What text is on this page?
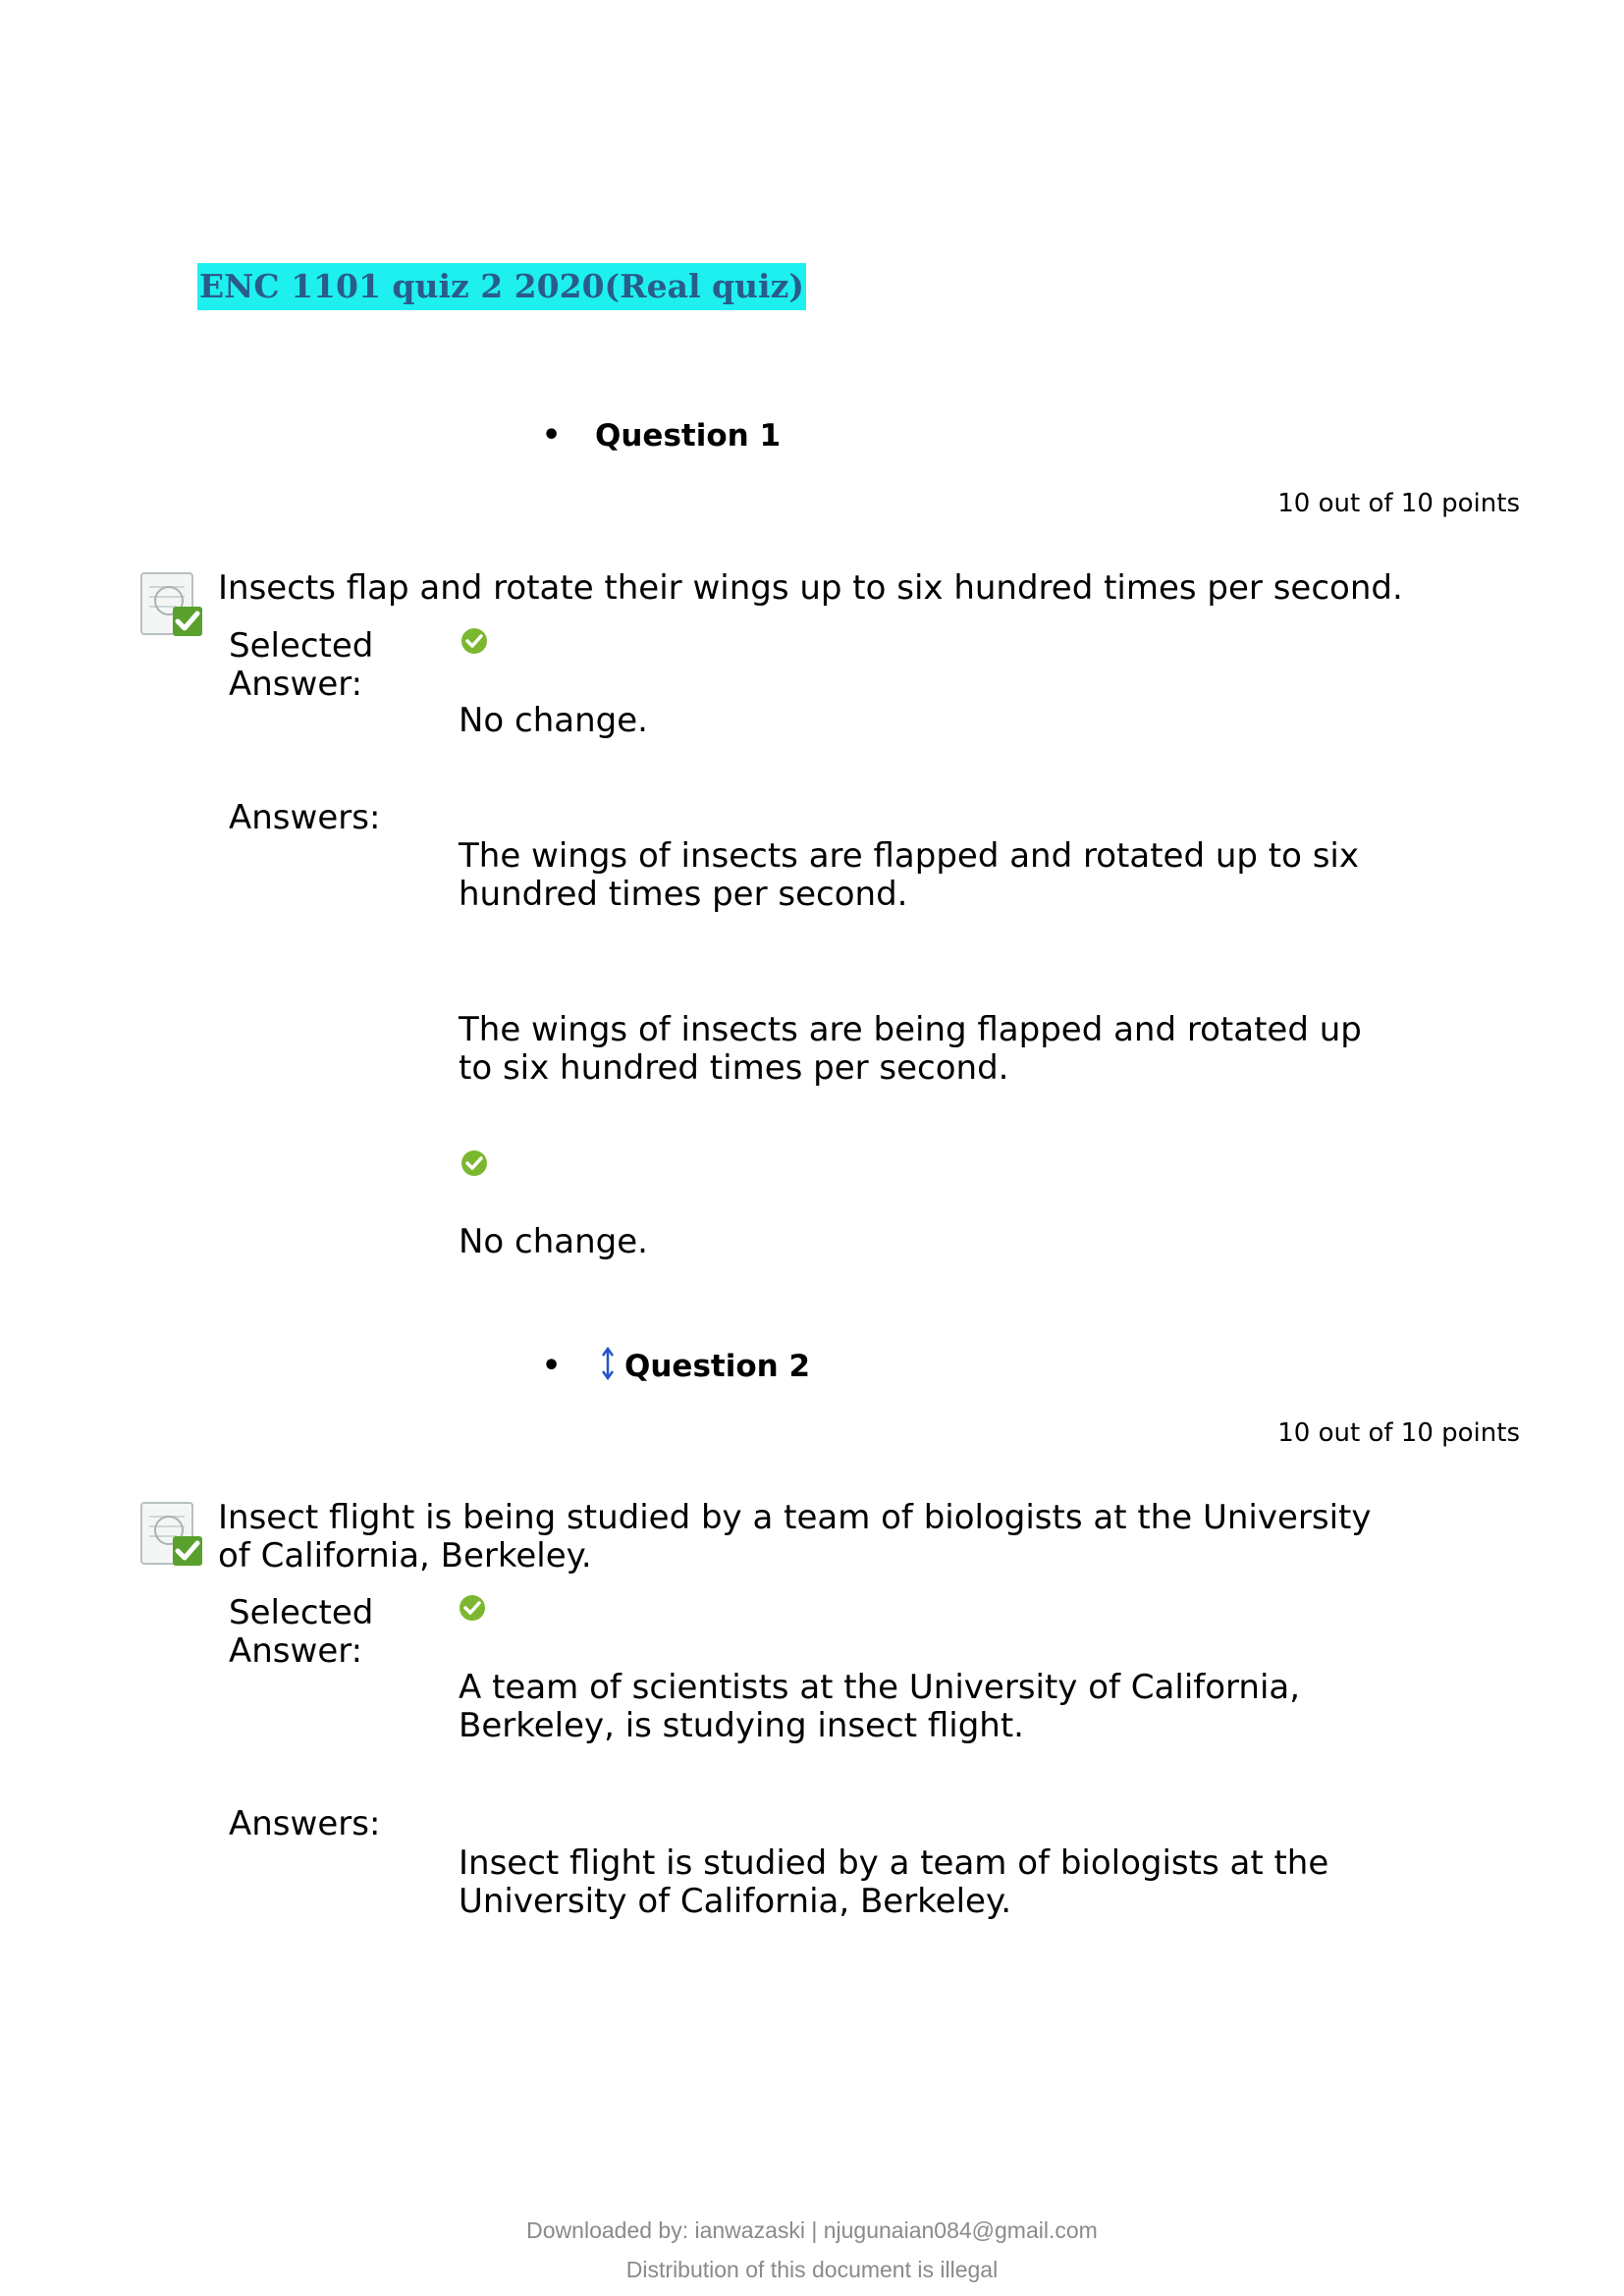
ENC 1101 quiz 2 2020(Real quiz)
• Question 1
10 out of 10 points
Insects flap and rotate their wings up to six hundred times per second.
Selected Answer:
No change.
Answers:
The wings of insects are flapped and rotated up to six hundred times per second.
The wings of insects are being flapped and rotated up to six hundred times per second.
No change.
• Question 2
10 out of 10 points
Insect flight is being studied by a team of biologists at the University of California, Berkeley.
Selected Answer:
A team of scientists at the University of California, Berkeley, is studying insect flight.
Answers:
Insect flight is studied by a team of biologists at the University of California, Berkeley.
Downloaded by: ianwazaski | njugunaian084@gmail.com
Distribution of this document is illegal
